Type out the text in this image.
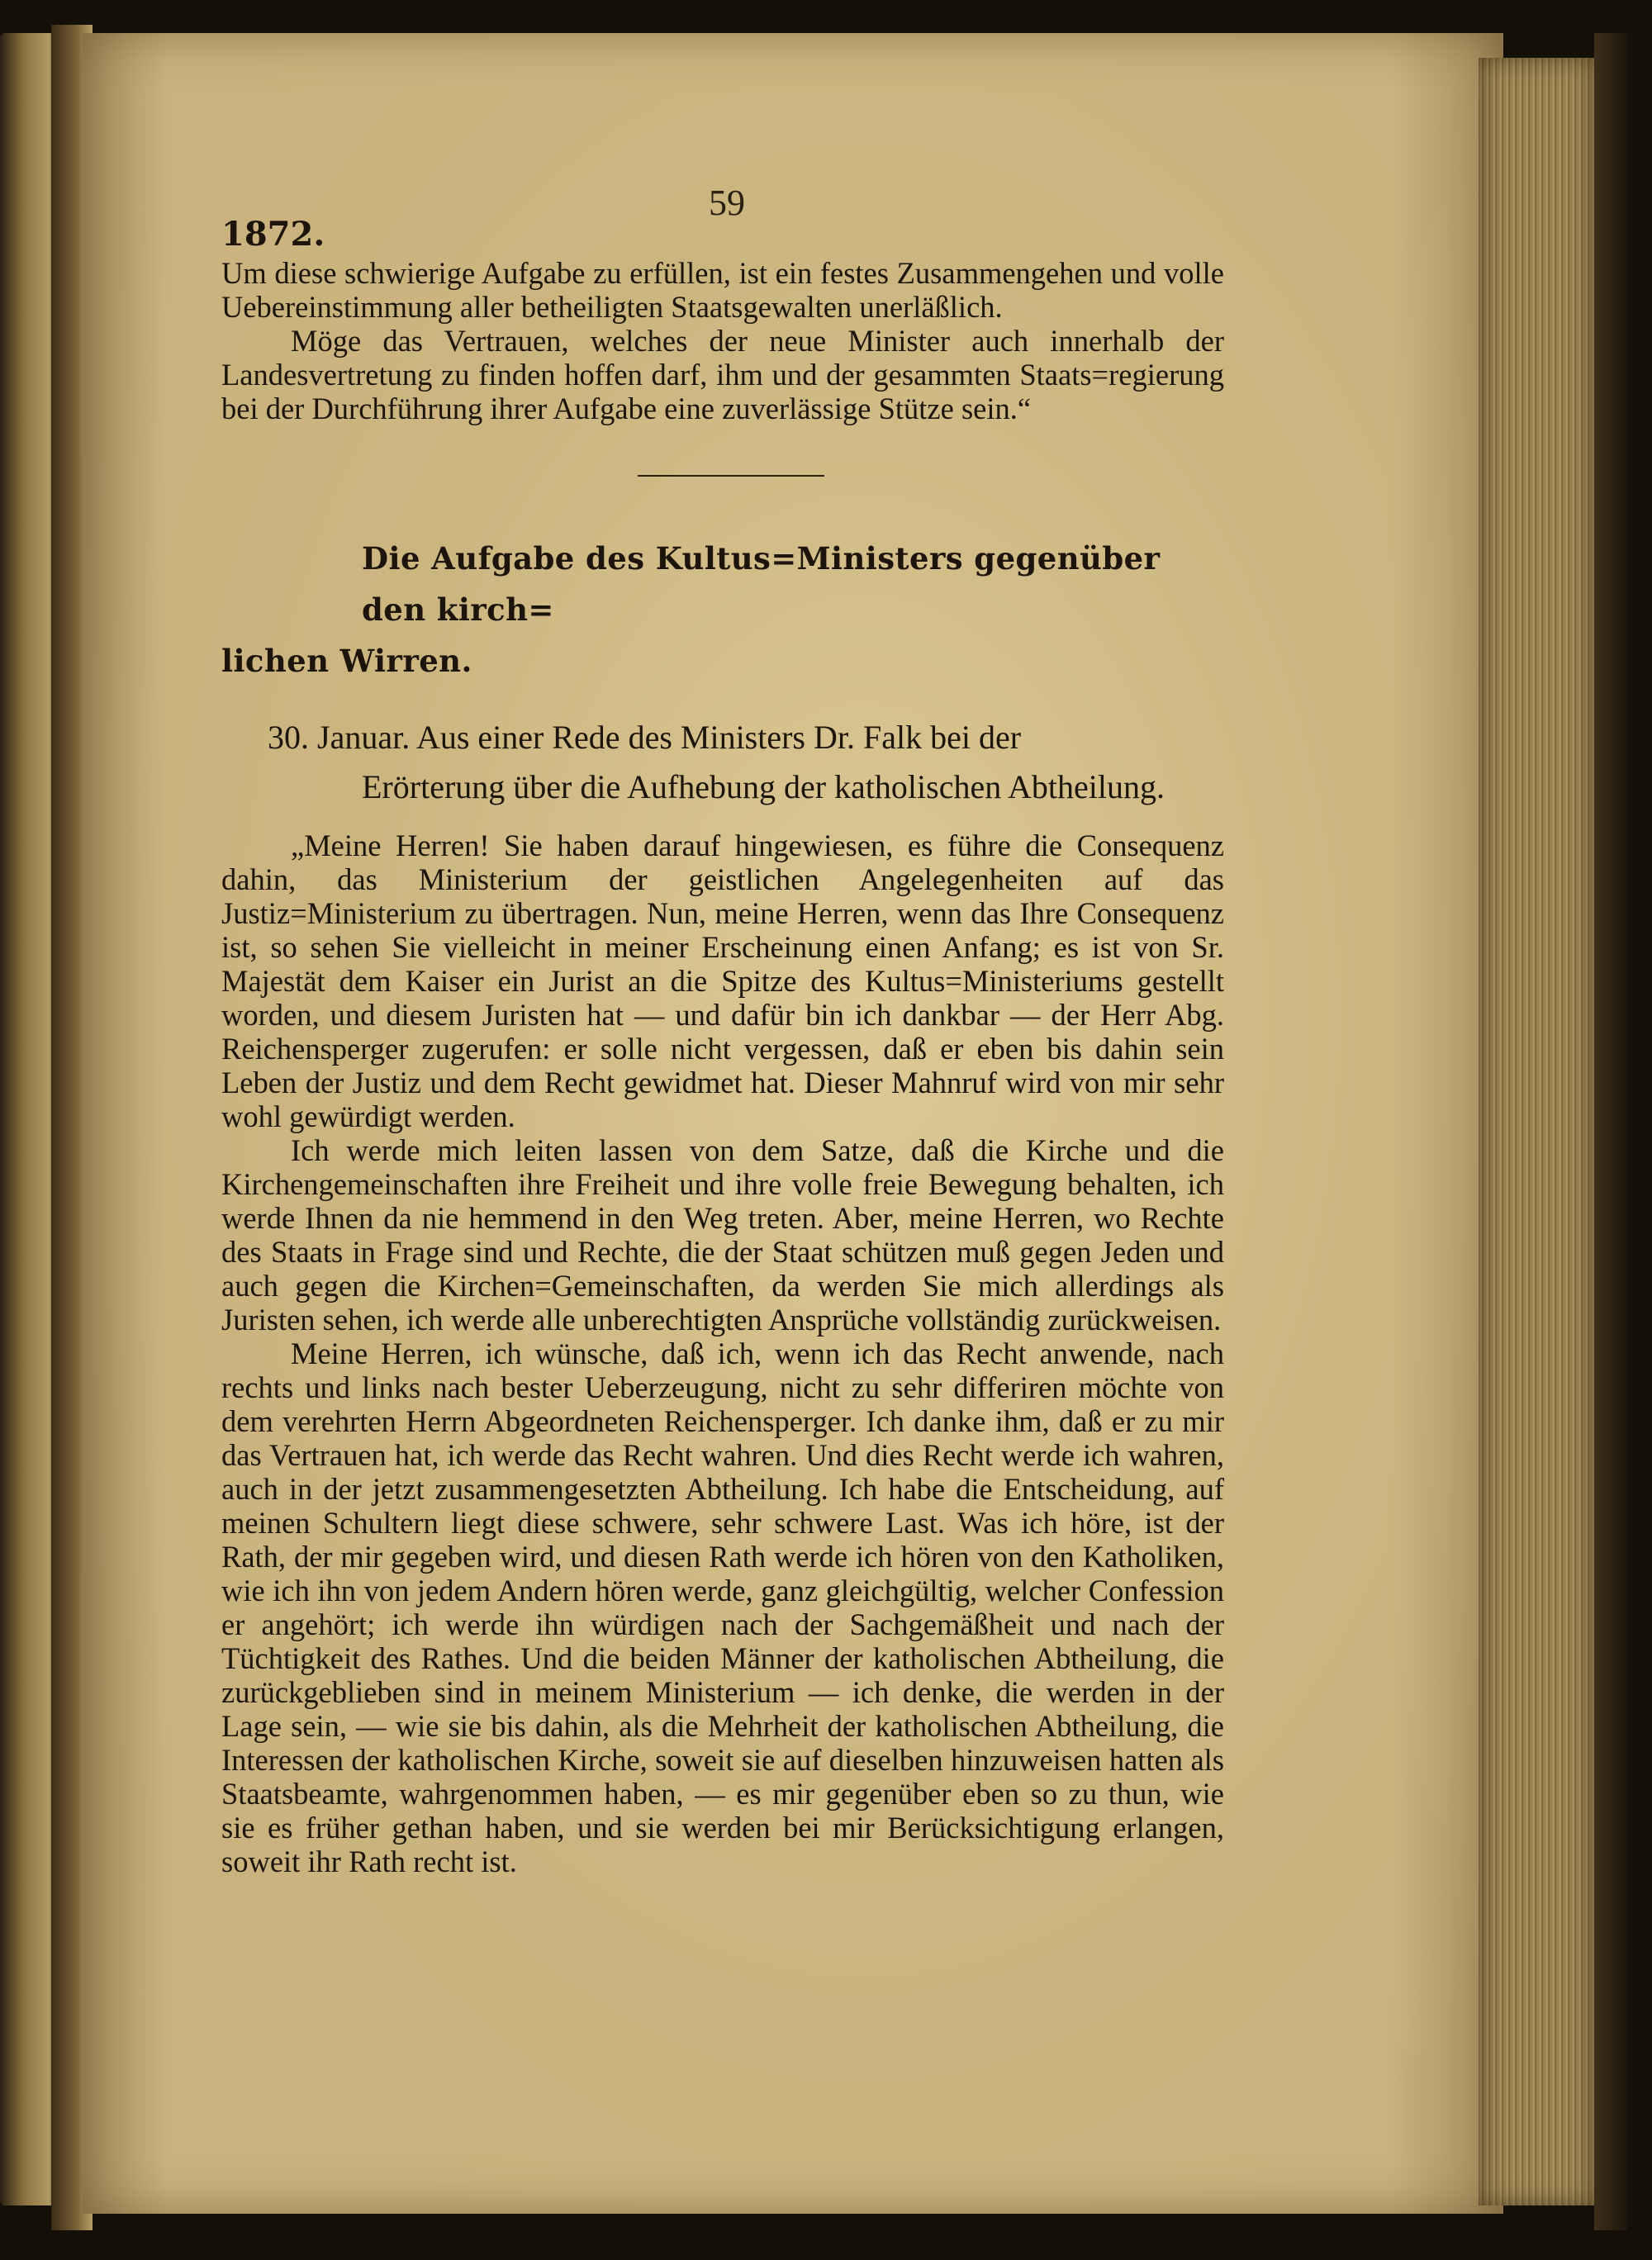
1872.
59

Um diese schwierige Aufgabe zu erfüllen, ist ein festes Zusammengehen und volle Uebereinstimmung aller betheiligten Staatsgewalten unerläßlich.

Möge das Vertrauen, welches der neue Minister auch innerhalb der Landesvertretung zu finden hoffen darf, ihm und der gesammten Staats=regierung bei der Durchführung ihrer Aufgabe eine zuverlässige Stütze sein.“

Die Aufgabe des Kultus=Ministers gegenüber den kirch=
lichen Wirren.
30. Januar. Aus einer Rede des Ministers Dr. Falk bei der
Erörterung über die Aufhebung der katholischen Abtheilung.

„Meine Herren! Sie haben darauf hingewiesen, es führe die Consequenz dahin, das Ministerium der geistlichen Angelegenheiten auf das Justiz=Ministerium zu übertragen. Nun, meine Herren, wenn das Ihre Consequenz ist, so sehen Sie vielleicht in meiner Erscheinung einen Anfang; es ist von Sr. Majestät dem Kaiser ein Jurist an die Spitze des Kultus=Ministeriums gestellt worden, und diesem Juristen hat — und dafür bin ich dankbar — der Herr Abg. Reichensperger zugerufen: er solle nicht vergessen, daß er eben bis dahin sein Leben der Justiz und dem Recht gewidmet hat. Dieser Mahnruf wird von mir sehr wohl gewürdigt werden.

Ich werde mich leiten lassen von dem Satze, daß die Kirche und die Kirchengemeinschaften ihre Freiheit und ihre volle freie Bewegung behalten, ich werde Ihnen da nie hemmend in den Weg treten. Aber, meine Herren, wo Rechte des Staats in Frage sind und Rechte, die der Staat schützen muß gegen Jeden und auch gegen die Kirchen=Gemeinschaften, da werden Sie mich allerdings als Juristen sehen, ich werde alle unberechtigten Ansprüche vollständig zurückweisen.

Meine Herren, ich wünsche, daß ich, wenn ich das Recht anwende, nach rechts und links nach bester Ueberzeugung, nicht zu sehr differiren möchte von dem verehrten Herrn Abgeordneten Reichensperger. Ich danke ihm, daß er zu mir das Vertrauen hat, ich werde das Recht wahren. Und dies Recht werde ich wahren, auch in der jetzt zusammengesetzten Abtheilung. Ich habe die Entscheidung, auf meinen Schultern liegt diese schwere, sehr schwere Last. Was ich höre, ist der Rath, der mir gegeben wird, und diesen Rath werde ich hören von den Katholiken, wie ich ihn von jedem Andern hören werde, ganz gleichgültig, welcher Confession er angehört; ich werde ihn würdigen nach der Sachgemäßheit und nach der Tüchtigkeit des Rathes. Und die beiden Männer der katholischen Abtheilung, die zurückgeblieben sind in meinem Ministerium — ich denke, die werden in der Lage sein, — wie sie bis dahin, als die Mehrheit der katholischen Abtheilung, die Interessen der katholischen Kirche, soweit sie auf dieselben hinzuweisen hatten als Staatsbeamte, wahrgenommen haben, — es mir gegenüber eben so zu thun, wie sie es früher gethan haben, und sie werden bei mir Berücksichtigung erlangen, soweit ihr Rath recht ist.
